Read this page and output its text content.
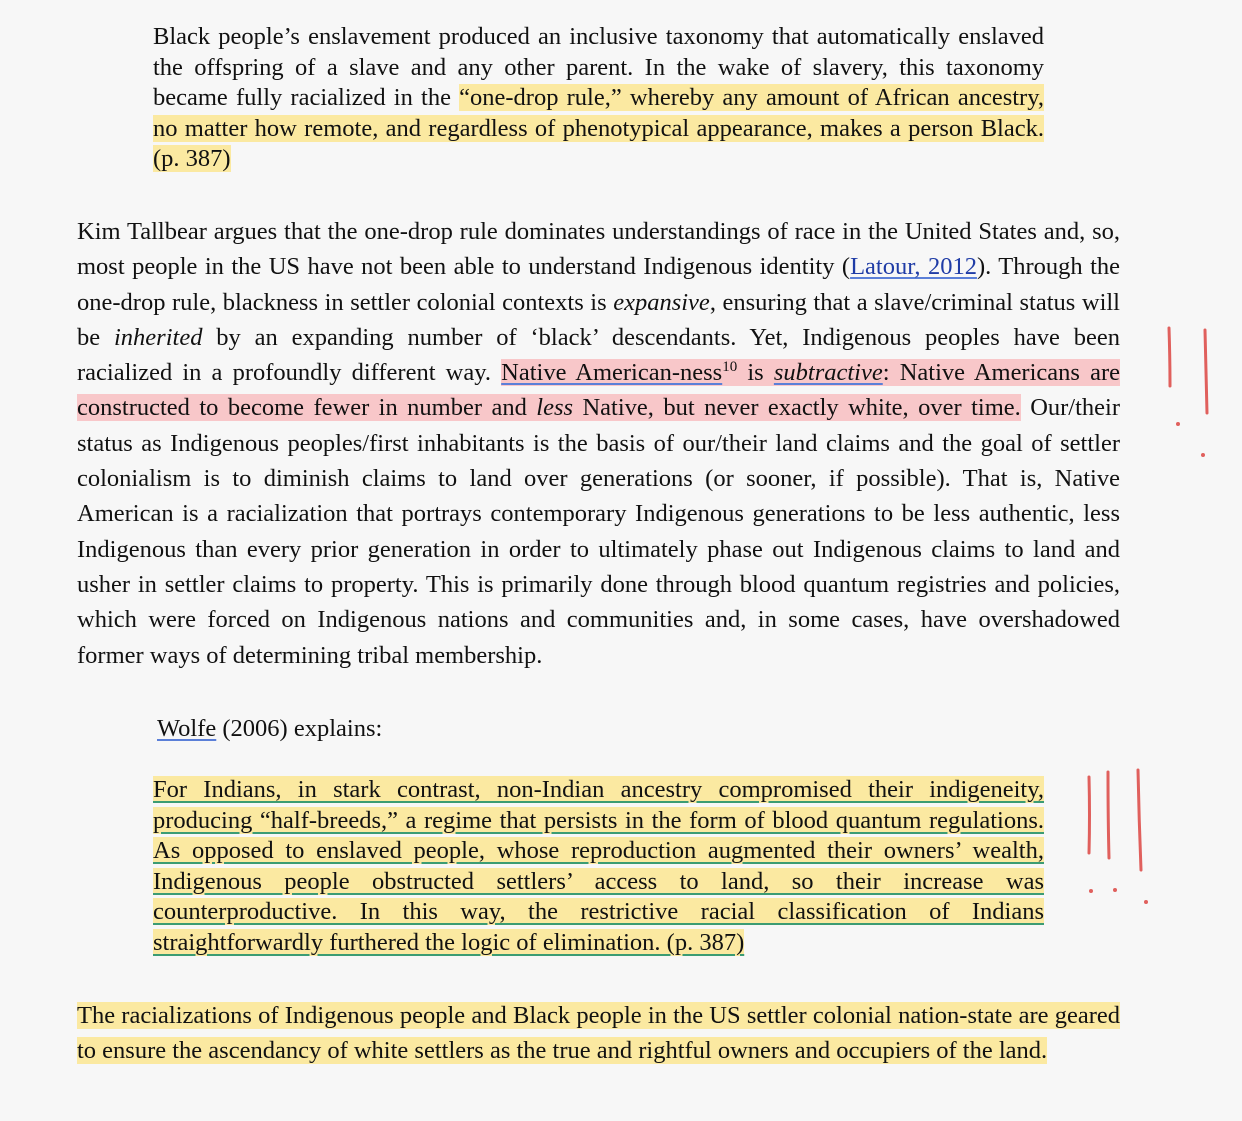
Black people’s enslavement produced an inclusive taxonomy that automatically enslaved the offspring of a slave and any other parent. In the wake of slavery, this taxonomy became fully racialized in the “one-drop rule,” whereby any amount of African ancestry, no matter how remote, and regardless of phenotypical appearance, makes a person Black. (p. 387)
Kim Tallbear argues that the one-drop rule dominates understandings of race in the United States and, so, most people in the US have not been able to understand Indigenous identity (Latour, 2012). Through the one-drop rule, blackness in settler colonial contexts is expansive, ensuring that a slave/criminal status will be inherited by an expanding number of ‘black’ descendants. Yet, Indigenous peoples have been racialized in a profoundly different way. Native American-ness$^{10}$ is subtractive: Native Americans are constructed to become fewer in number and less Native, but never exactly white, over time. Our/their status as Indigenous peoples/first inhabitants is the basis of our/their land claims and the goal of settler colonialism is to diminish claims to land over generations (or sooner, if possible). That is, Native American is a racialization that portrays contemporary Indigenous generations to be less authentic, less Indigenous than every prior generation in order to ultimately phase out Indigenous claims to land and usher in settler claims to property. This is primarily done through blood quantum registries and policies, which were forced on Indigenous nations and communities and, in some cases, have overshadowed former ways of determining tribal membership.
Wolfe (2006) explains:
For Indians, in stark contrast, non-Indian ancestry compromised their indigeneity, producing “half-breeds,” a regime that persists in the form of blood quantum regulations. As opposed to enslaved people, whose reproduction augmented their owners’ wealth, Indigenous people obstructed settlers’ access to land, so their increase was counterproductive. In this way, the restrictive racial classification of Indians straightforwardly furthered the logic of elimination. (p. 387)
The racializations of Indigenous people and Black people in the US settler colonial nation-state are geared to ensure the ascendancy of white settlers as the true and rightful owners and occupiers of the land.
